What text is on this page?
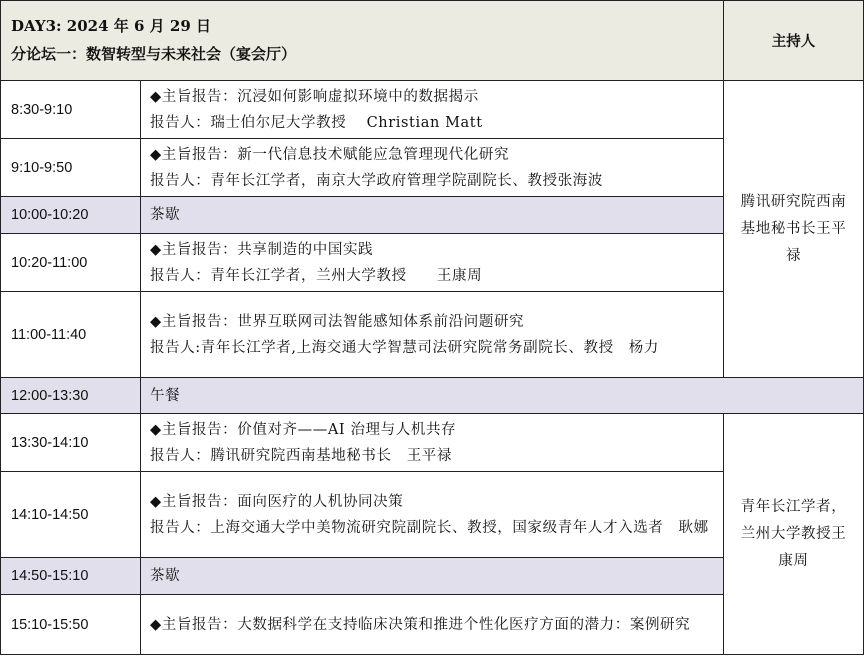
DAY3: 2024 年 6 月 29 日
分论坛一：数智转型与未来社会（宴会厅）		主持人
8:30-9:10	◆主旨报告：沉浸如何影响虚拟环境中的数据揭示
报告人：瑞士伯尔尼大学教授　 Christian Matt	腾讯研究院西南基地秘书长王平禄

9:10-9:50	◆主旨报告：新一代信息技术赋能应急管理现代化研究
报告人：青年长江学者，南京大学政府管理学院副院长、教授张海波	

10:00-10:20	茶歇	
10:20-11:00	◆主旨报告：共享制造的中国实践
报告人：青年长江学者，兰州大学教授　　王康周	

11:00-11:40	◆主旨报告：世界互联网司法智能感知体系前沿问题研究
报告人:青年长江学者,上海交通大学智慧司法研究院常务副院长、教授　杨力	

12:00-13:30	午餐	
13:30-14:10	◆主旨报告：价值对齐——AI 治理与人机共存
报告人：腾讯研究院西南基地秘书长　王平禄	青年长江学者，兰州大学教授王康周

14:10-14:50	◆主旨报告：面向医疗的人机协同决策
报告人：上海交通大学中美物流研究院副院长、教授，国家级青年人才入选者　耿娜	

14:50-15:10	茶歇	
15:10-15:50	◆主旨报告：大数据科学在支持临床决策和推进个性化医疗方面的潜力：案例研究	
